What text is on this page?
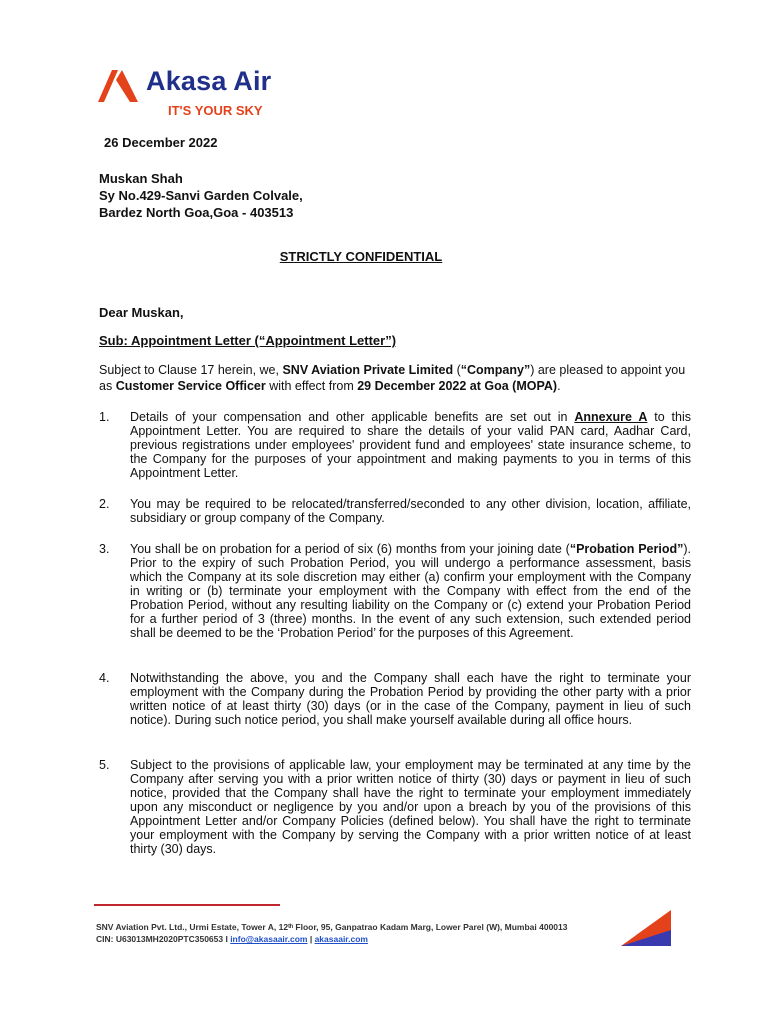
Akasa Air
IT'S YOUR SKY
26 December 2022
Muskan Shah
Sy No.429-Sanvi Garden Colvale,
Bardez North Goa,Goa - 403513
STRICTLY CONFIDENTIAL
Dear Muskan,
Sub: Appointment Letter (“Appointment Letter”)
Subject to Clause 17 herein, we, SNV Aviation Private Limited (“Company”) are pleased to appoint you as Customer Service Officer with effect from 29 December 2022 at Goa (MOPA).
1. Details of your compensation and other applicable benefits are set out in Annexure A to this Appointment Letter. You are required to share the details of your valid PAN card, Aadhar Card, previous registrations under employees' provident fund and employees' state insurance scheme, to the Company for the purposes of your appointment and making payments to you in terms of this Appointment Letter.
2. You may be required to be relocated/transferred/seconded to any other division, location, affiliate, subsidiary or group company of the Company.
3. You shall be on probation for a period of six (6) months from your joining date (“Probation Period”). Prior to the expiry of such Probation Period, you will undergo a performance assessment, basis which the Company at its sole discretion may either (a) confirm your employment with the Company in writing or (b) terminate your employment with the Company with effect from the end of the Probation Period, without any resulting liability on the Company or (c) extend your Probation Period for a further period of 3 (three) months. In the event of any such extension, such extended period shall be deemed to be the ‘Probation Period’ for the purposes of this Agreement.
4. Notwithstanding the above, you and the Company shall each have the right to terminate your employment with the Company during the Probation Period by providing the other party with a prior written notice of at least thirty (30) days (or in the case of the Company, payment in lieu of such notice). During such notice period, you shall make yourself available during all office hours.
5. Subject to the provisions of applicable law, your employment may be terminated at any time by the Company after serving you with a prior written notice of thirty (30) days or payment in lieu of such notice, provided that the Company shall have the right to terminate your employment immediately upon any misconduct or negligence by you and/or upon a breach by you of the provisions of this Appointment Letter and/or Company Policies (defined below). You shall have the right to terminate your employment with the Company by serving the Company with a prior written notice of at least thirty (30) days.
SNV Aviation Pvt. Ltd., Urmi Estate, Tower A, 12ᵗʰ Floor, 95, Ganpatrao Kadam Marg, Lower Parel (W), Mumbai 400013
CIN: U63013MH2020PTC350653 I info@akasaair.com | akasaair.com
